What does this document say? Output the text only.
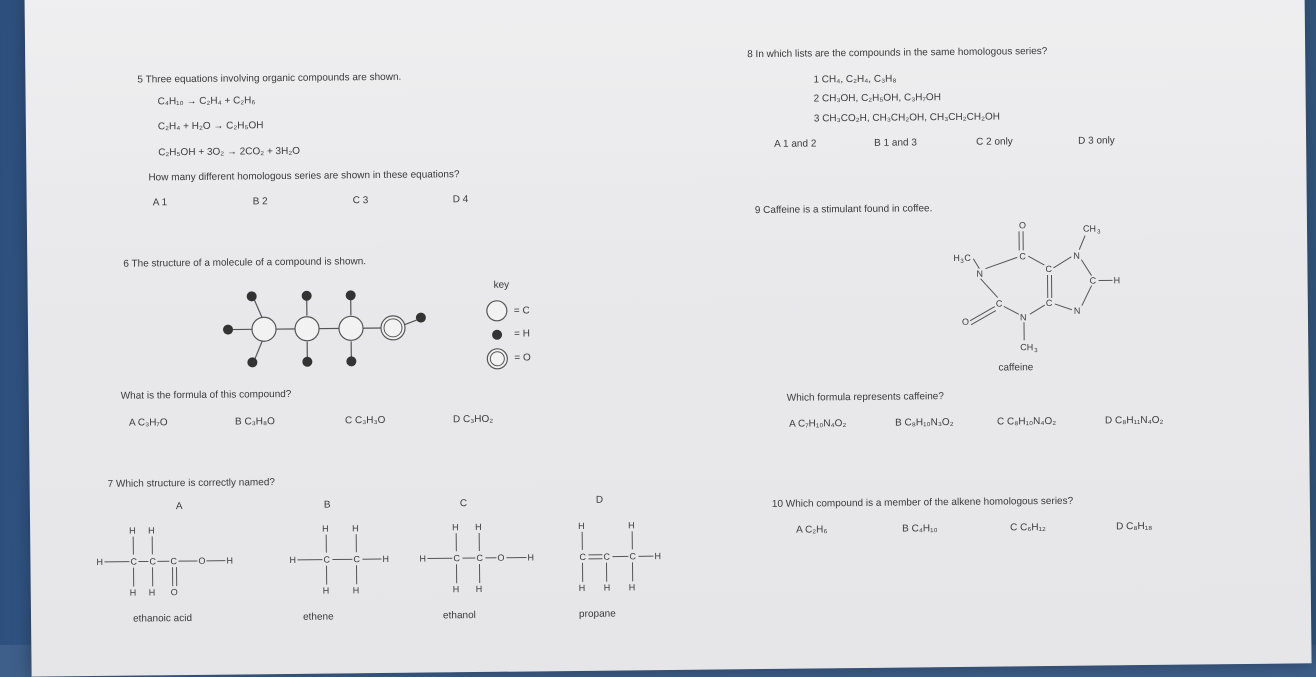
5 Three equations involving organic compounds are shown.
C₄H₁₀ → C₂H₄ + C₂H₆
C₂H₄ + H₂O → C₂H₅OH
C₂H₅OH + 3O₂ → 2CO₂ + 3H₂O
How many different homologous series are shown in these equations?
A 1	B 2	C 3	D 4
6 The structure of a molecule of a compound is shown.
key
= C
= H
= O
What is the formula of this compound?
A C₃H₇O	B C₃H₈O	C C₃H₃O	D C₃HO₂
7 Which structure is correctly named?
A	B	C	D
H H
H	C C C O H
H H O
H	H
H	C	C H
H	H
H H
H	C C O	H
H H
H	H
C C C H
H H H
ethanoic acid	ethene	ethanol	propane
8 In which lists are the compounds in the same homologous series?
1 CH₄, C₂H₄, C₃H₈
2 CH₃OH, C₂H₅OH, C₃H₇OH
3 CH₃CO₂H, CH₃CH₂OH, CH₃CH₂CH₂OH
A 1 and 2	B 1 and 3	C 2 only	D 3 only
9 Caffeine is a stimulant found in coffee.
O	CH 3
H 3 C	C	N
N	C
C H
C	C
N
O	N
CH 3
caffeine
Which formula represents caffeine?
A C₇H₁₀N₄O₂	B C₈H₁₀N₃O₂	C C₈H₁₀N₄O₂	D C₈H₁₁N₄O₂
10 Which compound is a member of the alkene homologous series?
A C₂H₆	B C₄H₁₀	C C₆H₁₂	D C₈H₁₈
